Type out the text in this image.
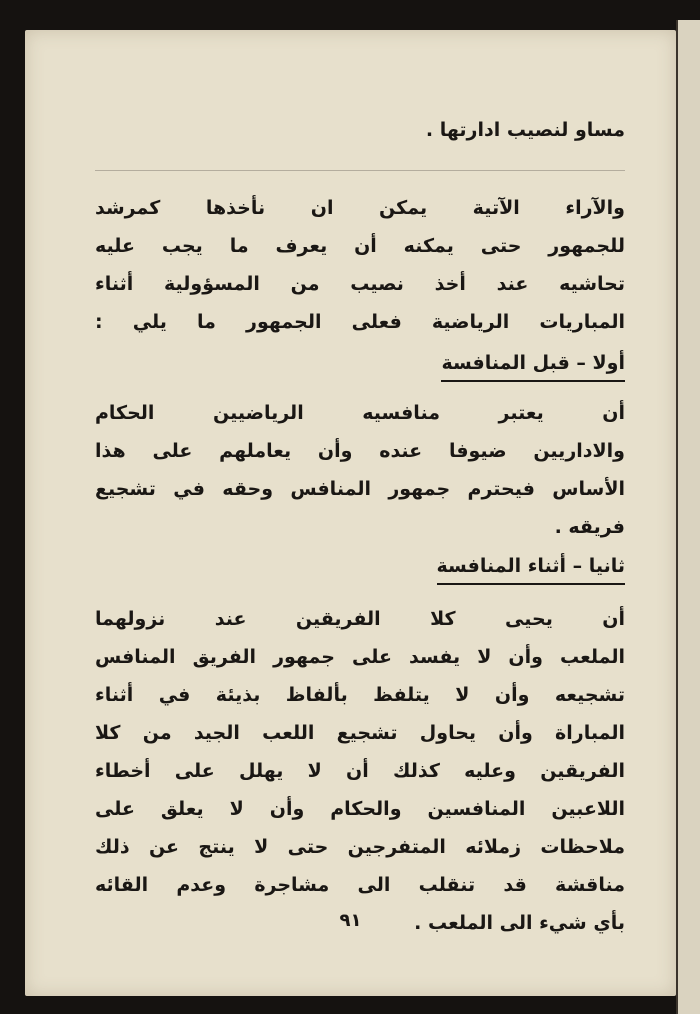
مساو لنصيب ادارتها .
والآراء الآتية يمكن ان نأخذها كمرشد
للجمهور حتى يمكنه أن يعرف ما يجب عليه
تحاشيه عند أخذ نصيب من المسؤولية أثناء
المباريات الرياضية فعلى الجمهور ما يلي :
أولا – قبل المنافسة
أن يعتبر منافسيه الرياضيين الحكام
والاداريين ضيوفا عنده وأن يعاملهم على هذا
الأساس فيحترم جمهور المنافس وحقه في تشجيع
فريقه .
ثانيا – أثناء المنافسة
أن يحيى كلا الفريقين عند نزولهما
الملعب وأن لا يفسد على جمهور الفريق المنافس
تشجيعه وأن لا يتلفظ بألفاظ بذيئة في أثناء
المباراة وأن يحاول تشجيع اللعب الجيد من كلا
الفريقين وعليه كذلك أن لا يهلل على أخطاء
اللاعبين المنافسين والحكام وأن لا يعلق على
ملاحظات زملائه المتفرجين حتى لا ينتج عن ذلك
مناقشة قد تنقلب الى مشاجرة وعدم القائه
بأي شيء الى الملعب .
٩١
